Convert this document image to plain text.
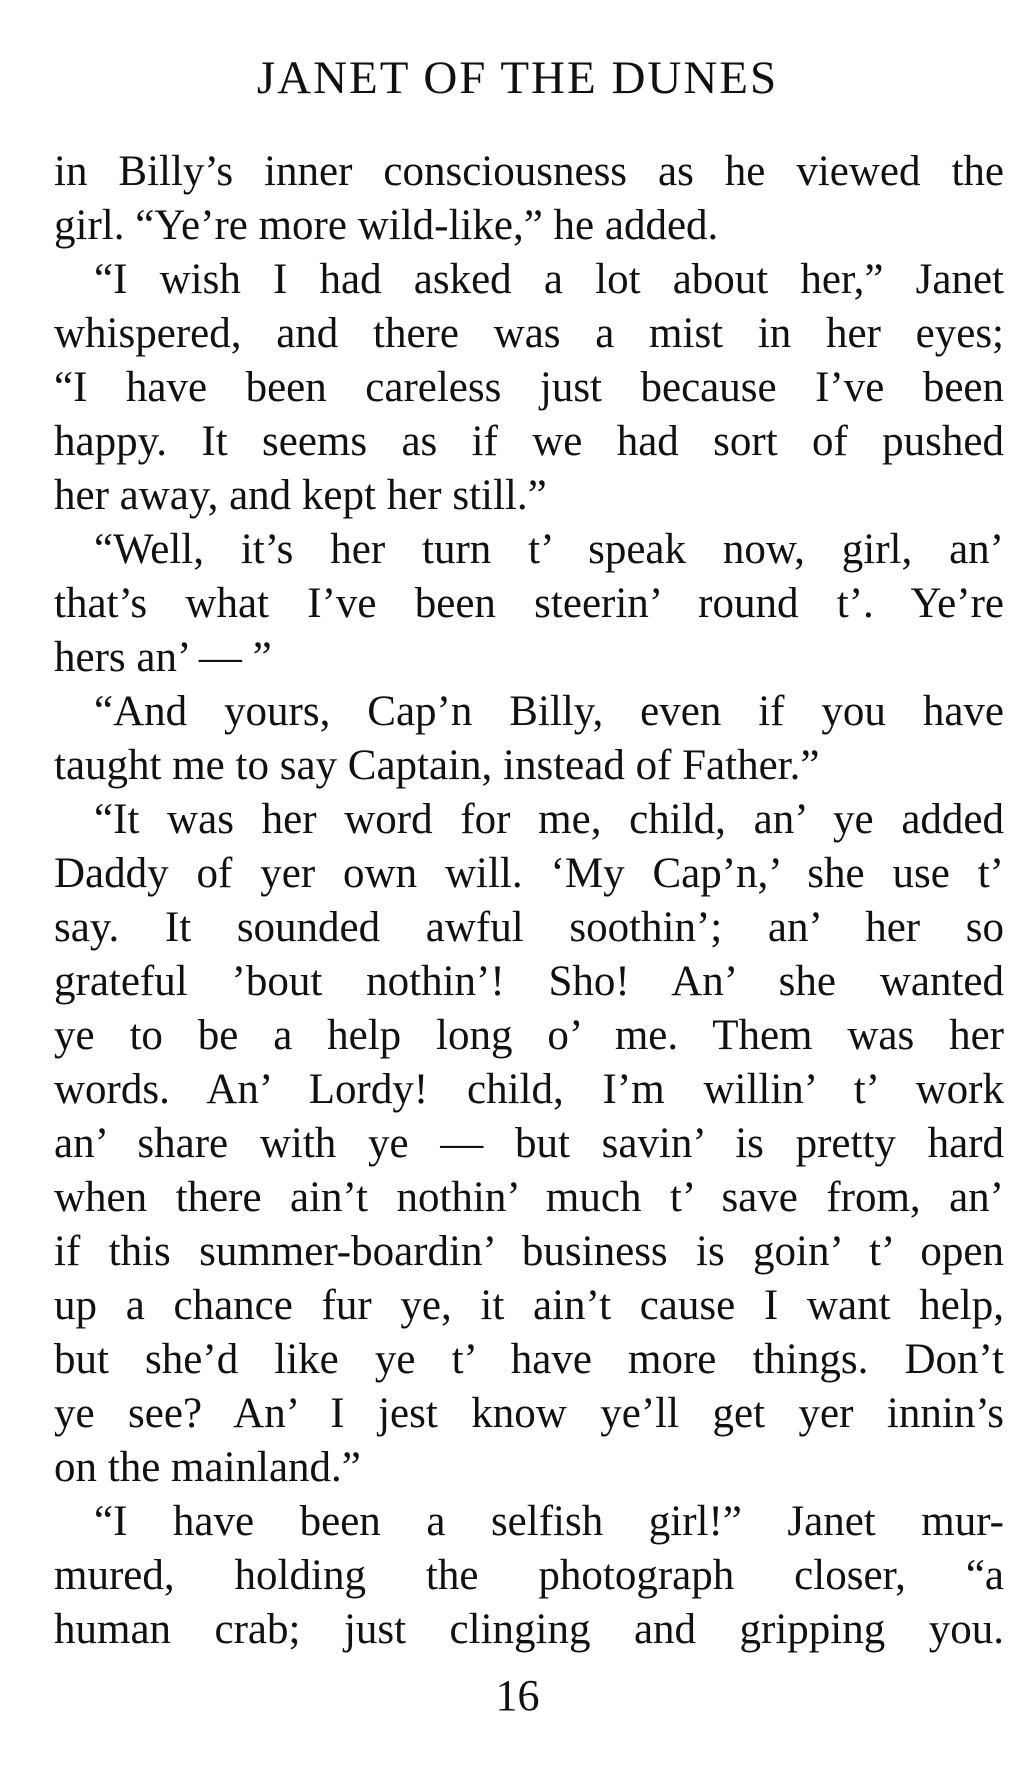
JANET OF THE DUNES

in Billy’s inner consciousness as he viewed the
girl. “Ye’re more wild-like,” he added.

“I wish I had asked a lot about her,” Janet
whispered, and there was a mist in her eyes;
“I have been careless just because I’ve been
happy. It seems as if we had sort of pushed
her away, and kept her still.”

“Well, it’s her turn t’ speak now, girl, an’
that’s what I’ve been steerin’ round t’. Ye’re
hers an’ — ”

“And yours, Cap’n Billy, even if you have
taught me to say Captain, instead of Father.”

“It was her word for me, child, an’ ye added
Daddy of yer own will. ‘My Cap’n,’ she use t’
say. It sounded awful soothin’; an’ her so
grateful ’bout nothin’! Sho! An’ she wanted
ye to be a help long o’ me. Them was her
words. An’ Lordy! child, I’m willin’ t’ work
an’ share with ye — but savin’ is pretty hard
when there ain’t nothin’ much t’ save from, an’
if this summer-boardin’ business is goin’ t’ open
up a chance fur ye, it ain’t cause I want help,
but she’d like ye t’ have more things. Don’t
ye see? An’ I jest know ye’ll get yer innin’s
on the mainland.”

“I have been a selfish girl!” Janet mur-
mured, holding the photograph closer, “a
human crab; just clinging and gripping you.

16
